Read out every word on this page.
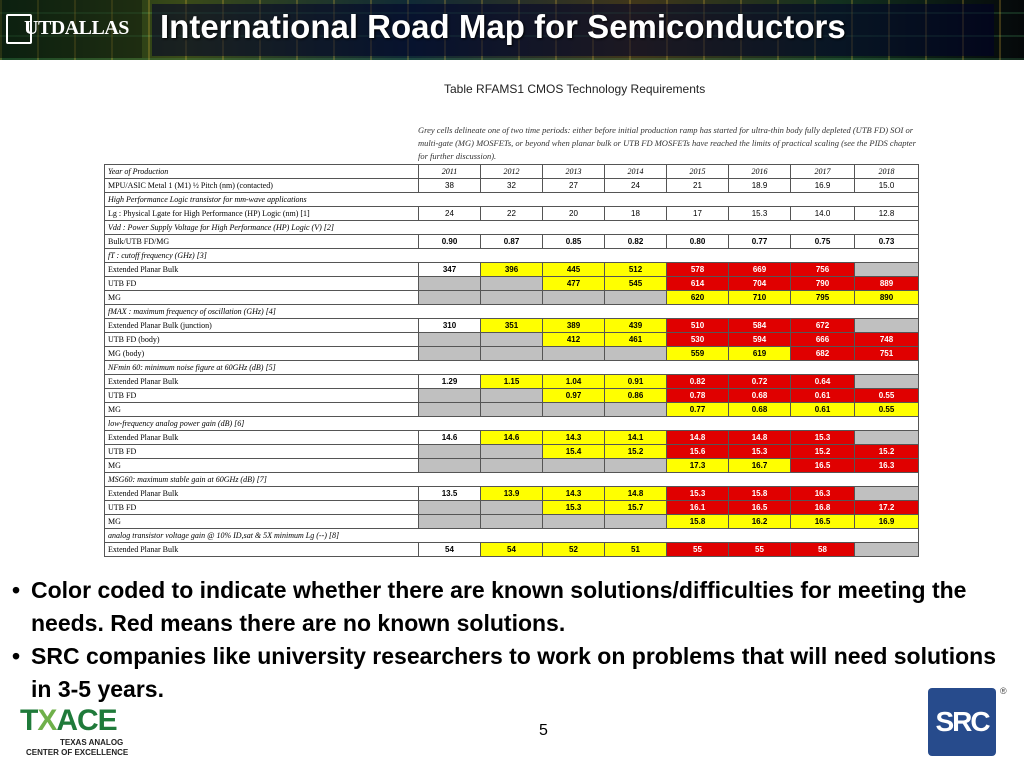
UTDALLAS International Road Map for Semiconductors
Table RFAMS1 CMOS Technology Requirements
Grey cells delineate one of two time periods: either before initial production ramp has started for ultra-thin body fully depleted (UTB FD) SOI or multi-gate (MG) MOSFETs, or beyond when planar bulk or UTB FD MOSFETs have reached the limits of practical scaling (see the PIDS chapter for further discussion).
Year of Production	2011	2012	2013	2014	2015	2016	2017	2018
MPU/ASIC Metal 1 (M1) ½ Pitch (nm) (contacted)	38	32	27	24	21	18.9	16.9	15.0
High Performance Logic transistor for mm-wave applications								
Lg : Physical Lgate for High Performance (HP) Logic (nm) [1]	24	22	20	18	17	15.3	14.0	12.8
Vdd : Power Supply Voltage for High Performance (HP) Logic (V) [2]								
Bulk/UTB FD/MG	0.90	0.87	0.85	0.82	0.80	0.77	0.75	0.73
fT : cutoff frequency (GHz) [3]								
Extended Planar Bulk	347	396	445	512	578	669	756	
UTB FD			477	545	614	704	790	889
MG					620	710	795	890
fMAX : maximum frequency of oscillation (GHz) [4]								
Extended Planar Bulk (junction)	310	351	389	439	510	584	672	
UTB FD (body)			412	461	530	594	666	748
MG (body)					559	619	682	751
NFmin 60: minimum noise figure at 60GHz (dB) [5]								
Extended Planar Bulk	1.29	1.15	1.04	0.91	0.82	0.72	0.64	
UTB FD			0.97	0.86	0.78	0.68	0.61	0.55
MG					0.77	0.68	0.61	0.55
low-frequency analog power gain (dB) [6]								
Extended Planar Bulk	14.6	14.6	14.3	14.1	14.8	14.8	15.3	
UTB FD			15.4	15.2	15.6	15.3	15.2	15.2
MG					17.3	16.7	16.5	16.3
MSG60: maximum stable gain at 60GHz (dB) [7]								
Extended Planar Bulk	13.5	13.9	14.3	14.8	15.3	15.8	16.3	
UTB FD			15.3	15.7	16.1	16.5	16.8	17.2
MG					15.8	16.2	16.5	16.9
analog transistor voltage gain @ 10% ID,sat & 5X minimum Lg (--) [8]								
Extended Planar Bulk	54	54	52	51	55	55	58	
• Color coded to indicate whether there are known solutions/difficulties for meeting the needs. Red means there are no known solutions.
• SRC companies like university researchers to work on problems that will need solutions in 3-5 years.
TXACE
TEXAS ANALOG
CENTER OF EXCELLENCE
5	SRC
®
